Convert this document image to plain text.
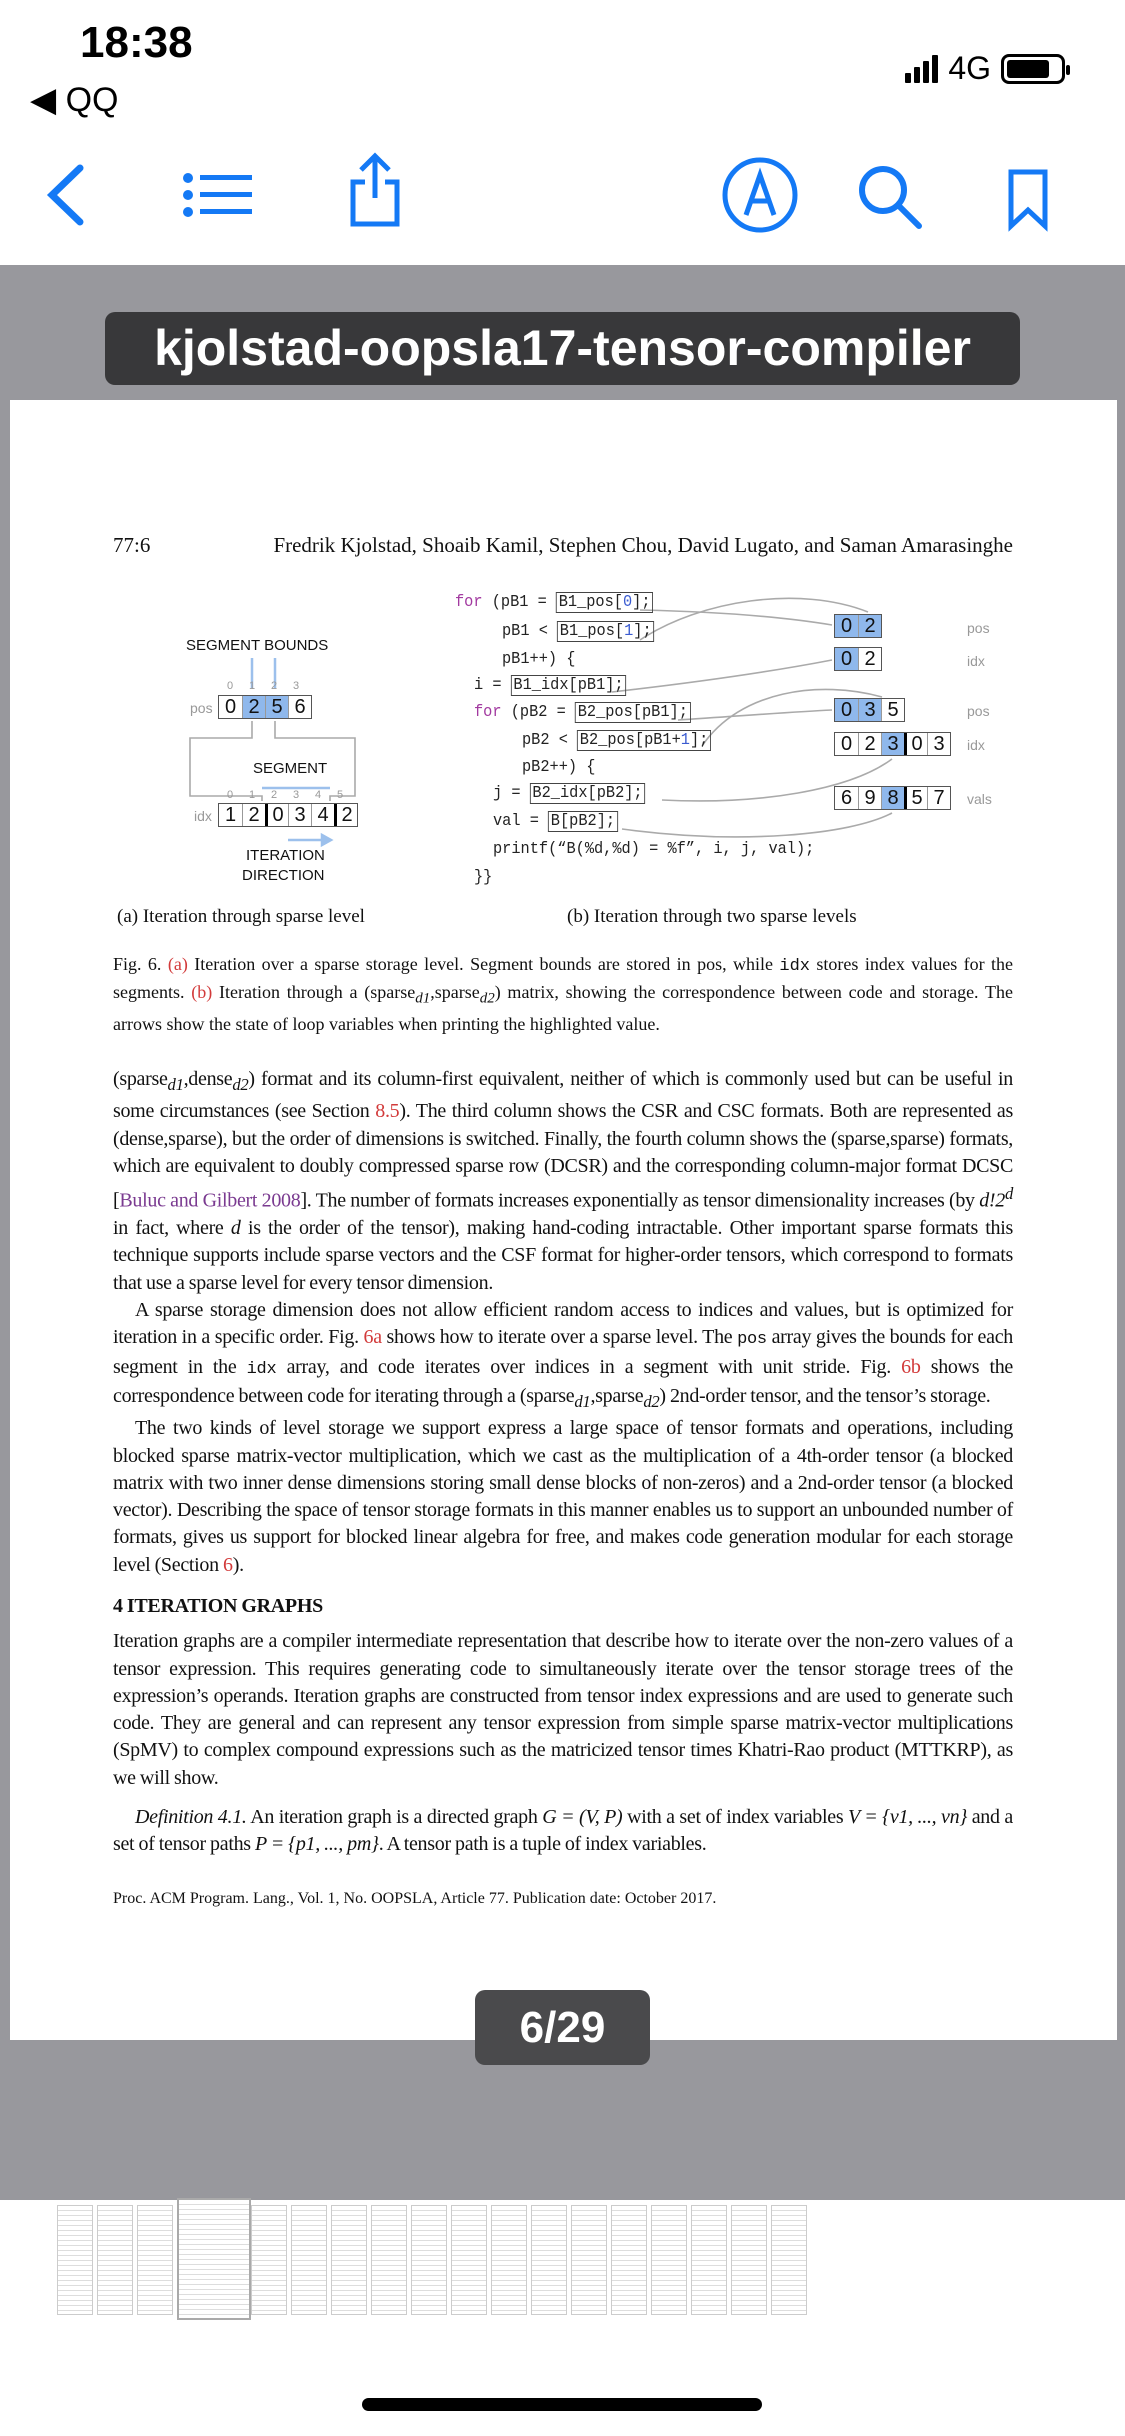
18:38
◀ QQ
4G
kjolstad-oopsla17-tensor-compiler
77:6	Fredrik Kjolstad, Shoaib Kamil, Stephen Chou, David Lugato, and Saman Amarasinghe
SEGMENT BOUNDS
0	1	2	3
pos 0 2 5 6
SEGMENT
0	1	2	3	4	5
idx 1 2 0 3 4 2
ITERATION
DIRECTION
for (pB1 = B1_pos[0];
pB1 < B1_pos[1];
pB1++) {
i = B1_idx[pB1];
for (pB2 = B2_pos[pB1];
pB2 < B2_pos[pB1+1];
pB2++) {
j = B2_idx[pB2];
val = B[pB2];
printf(“B(%d,%d) = %f”, i, j, val);
}}
0 2
0 2
0 3 5
0 2 3 0 3
6 9 8 5 7
pos
idx
pos
idx
vals
(a) Iteration through sparse level	(b) Iteration through two sparse levels
Fig. 6. (a) Iteration over a sparse storage level. Segment bounds are stored in pos, while idx stores index values for the segments. (b) Iteration through a (sparse$_{d1}$,sparse$_{d2}$) matrix, showing the correspondence between code and storage. The arrows show the state of loop variables when printing the highlighted value.

(sparse$_{d1}$,dense$_{d2}$) format and its column-first equivalent, neither of which is commonly used but can be useful in some circumstances (see Section 8.5). The third column shows the CSR and CSC formats. Both are represented as (dense,sparse), but the order of dimensions is switched. Finally, the fourth column shows the (sparse,sparse) formats, which are equivalent to doubly compressed sparse row (DCSR) and the corresponding column-major format DCSC [Buluc and Gilbert 2008]. The number of formats increases exponentially as tensor dimensionality increases (by d!2$^d$ in fact, where d is the order of the tensor), making hand-coding intractable. Other important sparse formats this technique supports include sparse vectors and the CSF format for higher-order tensors, which correspond to formats that use a sparse level for every tensor dimension.

A sparse storage dimension does not allow efficient random access to indices and values, but is optimized for iteration in a specific order. Fig. 6a shows how to iterate over a sparse level. The pos array gives the bounds for each segment in the idx array, and code iterates over indices in a segment with unit stride. Fig. 6b shows the correspondence between code for iterating through a (sparse$_{d1}$,sparse$_{d2}$) 2nd-order tensor, and the tensor’s storage.

The two kinds of level storage we support express a large space of tensor formats and operations, including blocked sparse matrix-vector multiplication, which we cast as the multiplication of a 4th-order tensor (a blocked matrix with two inner dense dimensions storing small dense blocks of non-zeros) and a 2nd-order tensor (a blocked vector). Describing the space of tensor storage formats in this manner enables us to support an unbounded number of formats, gives us support for blocked linear algebra for free, and makes code generation modular for each storage level (Section 6).

4 ITERATION GRAPHS

Iteration graphs are a compiler intermediate representation that describe how to iterate over the non-zero values of a tensor expression. This requires generating code to simultaneously iterate over the tensor storage trees of the expression’s operands. Iteration graphs are constructed from tensor index expressions and are used to generate such code. They are general and can represent any tensor expression from simple sparse matrix-vector multiplications (SpMV) to complex compound expressions such as the matricized tensor times Khatri-Rao product (MTTKRP), as we will show.

Definition 4.1. An iteration graph is a directed graph G = (V, P) with a set of index variables V = {v1, ..., vn} and a set of tensor paths P = {p1, ..., pm}. A tensor path is a tuple of index variables.

Proc. ACM Program. Lang., Vol. 1, No. OOPSLA, Article 77. Publication date: October 2017.
6/29
